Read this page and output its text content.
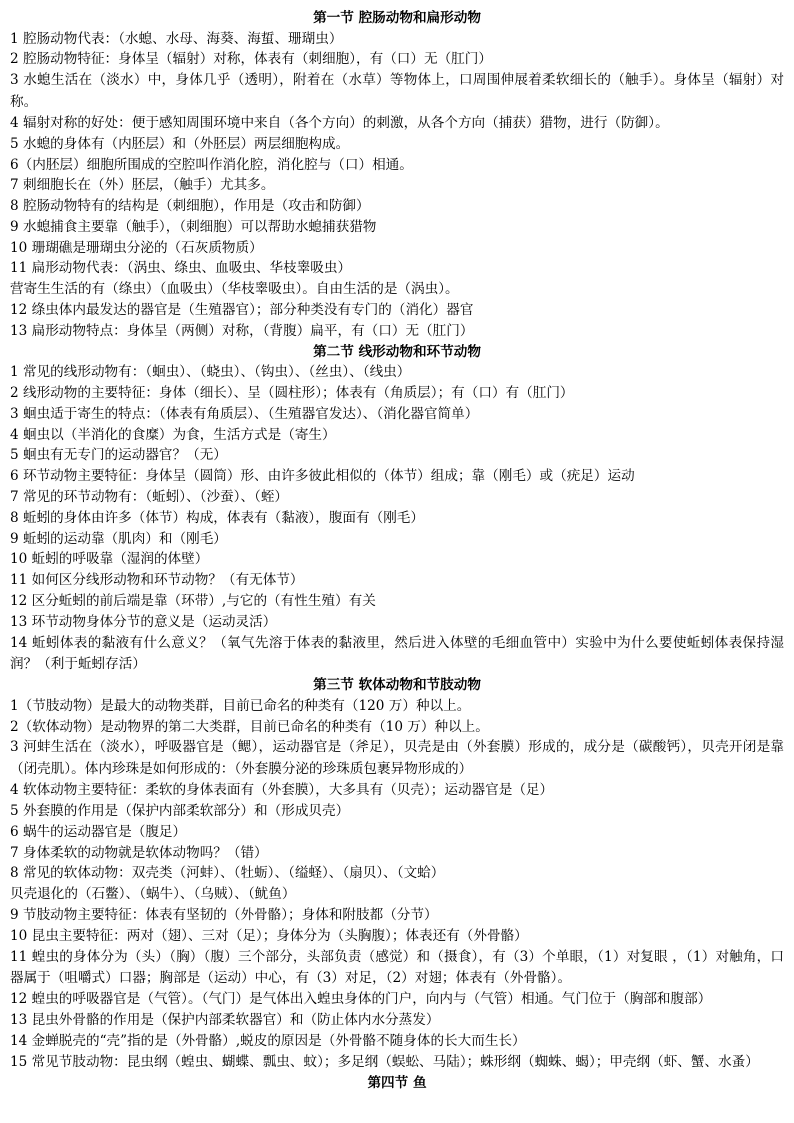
第一节 腔肠动物和扁形动物
1 腔肠动物代表：（水螅、水母、海葵、海蜇、珊瑚虫）
2 腔肠动物特征：身体呈（辐射）对称，体表有（刺细胞），有（口）无（肛门）
3 水螅生活在（淡水）中，身体几乎（透明），附着在（水草）等物体上，口周围伸展着柔软细长的（触手）。身体呈（辐射）对称。
4 辐射对称的好处：便于感知周围环境中来自（各个方向）的刺激，从各个方向（捕获）猎物，进行（防御）。
5 水螅的身体有（内胚层）和（外胚层）两层细胞构成。
6（内胚层）细胞所围成的空腔叫作消化腔，消化腔与（口）相通。
7 刺细胞长在（外）胚层，（触手）尤其多。
8 腔肠动物特有的结构是（刺细胞），作用是（攻击和防御）
9 水螅捕食主要靠（触手），（刺细胞）可以帮助水螅捕获猎物
10 珊瑚礁是珊瑚虫分泌的（石灰质物质）
11 扁形动物代表：（涡虫、绦虫、血吸虫、华枝睾吸虫）
营寄生生活的有（绦虫）（血吸虫）（华枝睾吸虫）。自由生活的是（涡虫）。
12 绦虫体内最发达的器官是（生殖器官）；部分种类没有专门的（消化）器官
13 扁形动物特点：身体呈（两侧）对称，（背腹）扁平，有（口）无（肛门）
第二节 线形动物和环节动物
1 常见的线形动物有：（蛔虫）、（蛲虫）、（钩虫）、（丝虫）、（线虫）
2 线形动物的主要特征：身体（细长）、呈（圆柱形）；体表有（角质层）；有（口）有（肛门）
3 蛔虫适于寄生的特点：（体表有角质层）、（生殖器官发达）、（消化器官简单）
4 蛔虫以（半消化的食糜）为食，生活方式是（寄生）
5 蛔虫有无专门的运动器官？（无）
6 环节动物主要特征：身体呈（圆筒）形、由许多彼此相似的（体节）组成；靠（刚毛）或（疣足）运动
7 常见的环节动物有：（蚯蚓）、（沙蚕）、（蛭）
8 蚯蚓的身体由许多（体节）构成，体表有（黏液），腹面有（刚毛）
9 蚯蚓的运动靠（肌肉）和（刚毛）
10 蚯蚓的呼吸靠（湿润的体壁）
11 如何区分线形动物和环节动物？（有无体节）
12 区分蚯蚓的前后端是靠（环带）,与它的（有性生殖）有关
13 环节动物身体分节的意义是（运动灵活）
14 蚯蚓体表的黏液有什么意义？（氧气先溶于体表的黏液里，然后进入体壁的毛细血管中）实验中为什么要使蚯蚓体表保持湿润？（利于蚯蚓存活）
第三节 软体动物和节肢动物
1（节肢动物）是最大的动物类群，目前已命名的种类有（120 万）种以上。
2（软体动物）是动物界的第二大类群，目前已命名的种类有（10 万）种以上。
3 河蚌生活在（淡水），呼吸器官是（鳃），运动器官是（斧足），贝壳是由（外套膜）形成的，成分是（碳酸钙），贝壳开闭是靠（闭壳肌）。体内珍珠是如何形成的：（外套膜分泌的珍珠质包裹异物形成的）
4 软体动物主要特征：柔软的身体表面有（外套膜），大多具有（贝壳）；运动器官是（足）
5 外套膜的作用是（保护内部柔软部分）和（形成贝壳）
6 蜗牛的运动器官是（腹足）
7 身体柔软的动物就是软体动物吗？（错）
8 常见的软体动物：双壳类（河蚌）、（牡蛎）、（缢蛏）、（扇贝）、（文蛤）
贝壳退化的（石鳖）、（蜗牛）、（乌贼）、（鱿鱼）
9 节肢动物主要特征：体表有坚韧的（外骨骼）；身体和附肢都（分节）
10 昆虫主要特征：两对（翅）、三对（足）；身体分为（头胸腹）；体表还有（外骨骼）
11 蝗虫的身体分为（头）（胸）（腹）三个部分，头部负责（感觉）和（摄食），有（3）个单眼，（1）对复眼 ，（1）对触角，口器属于（咀嚼式）口器；胸部是（运动）中心，有（3）对足，（2）对翅；体表有（外骨骼）。
12 蝗虫的呼吸器官是（气管）。（气门）是气体出入蝗虫身体的门户，向内与（气管）相通。气门位于（胸部和腹部）
13 昆虫外骨骼的作用是（保护内部柔软器官）和（防止体内水分蒸发）
14 金蝉脱壳的“壳”指的是（外骨骼）,蜕皮的原因是（外骨骼不随身体的长大而生长）
15 常见节肢动物：昆虫纲（蝗虫、蝴蝶、瓢虫、蚊）；多足纲（蜈蚣、马陆）；蛛形纲（蜘蛛、蝎）；甲壳纲（虾、蟹、水蚤）
第四节 鱼
